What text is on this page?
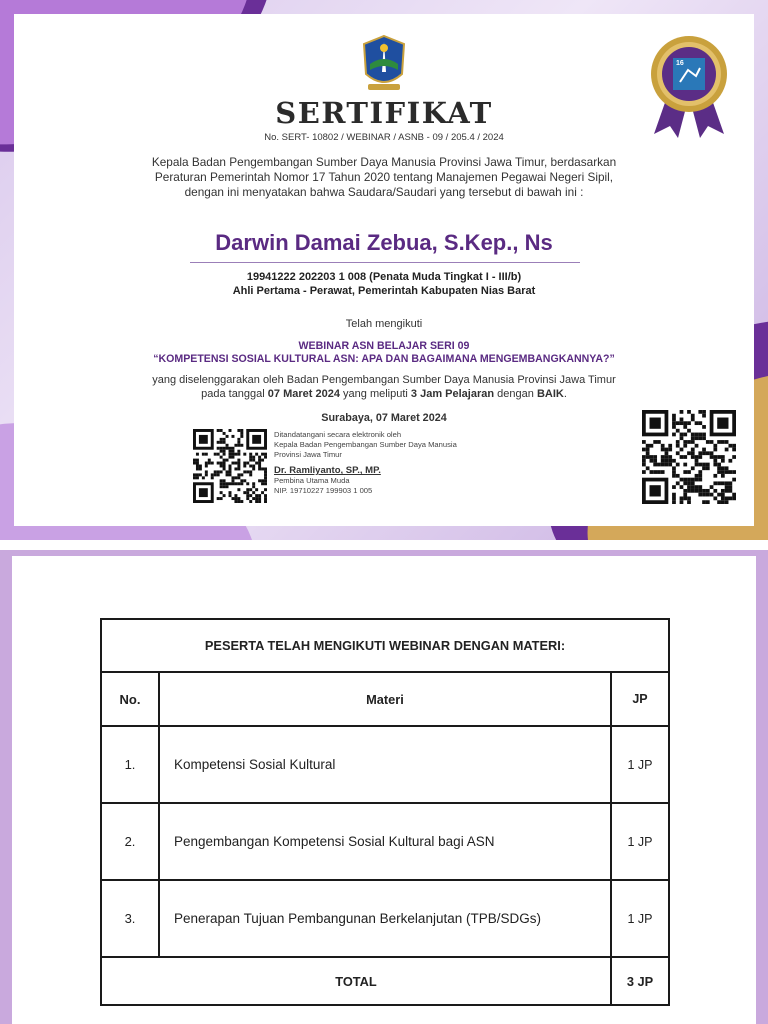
16
SERTIFIKAT
No. SERT- 10802 / WEBINAR / ASNB - 09 / 205.4 / 2024
Kepala Badan Pengembangan Sumber Daya Manusia Provinsi Jawa Timur, berdasarkan
Peraturan Pemerintah Nomor 17 Tahun 2020 tentang Manajemen Pegawai Negeri Sipil,
dengan ini menyatakan bahwa Saudara/Saudari yang tersebut di bawah ini :
Darwin Damai Zebua, S.Kep., Ns
19941222 202203 1 008 (Penata Muda Tingkat I - III/b)
Ahli Pertama - Perawat, Pemerintah Kabupaten Nias Barat
Telah mengikuti
WEBINAR ASN BELAJAR SERI 09
“KOMPETENSI SOSIAL KULTURAL ASN: APA DAN BAGAIMANA MENGEMBANGKANNYA?”
yang diselenggarakan oleh Badan Pengembangan Sumber Daya Manusia Provinsi Jawa Timur
pada tanggal 07 Maret 2024 yang meliputi 3 Jam Pelajaran dengan BAIK.
Surabaya, 07 Maret 2024
Ditandatangani secara elektronik oleh
Kepala Badan Pengembangan Sumber Daya Manusia
Provinsi Jawa Timur
Dr. Ramliyanto, SP., MP.
Pembina Utama Muda
NIP. 19710227 199903 1 005
PESERTA TELAH MENGIKUTI WEBINAR DENGAN MATERI:		
No.	Materi	JP
1.	Kompetensi Sosial Kultural	1 JP
2.	Pengembangan Kompetensi Sosial Kultural bagi ASN	1 JP
3.	Penerapan Tujuan Pembangunan Berkelanjutan (TPB/SDGs)	1 JP
TOTAL		3 JP
